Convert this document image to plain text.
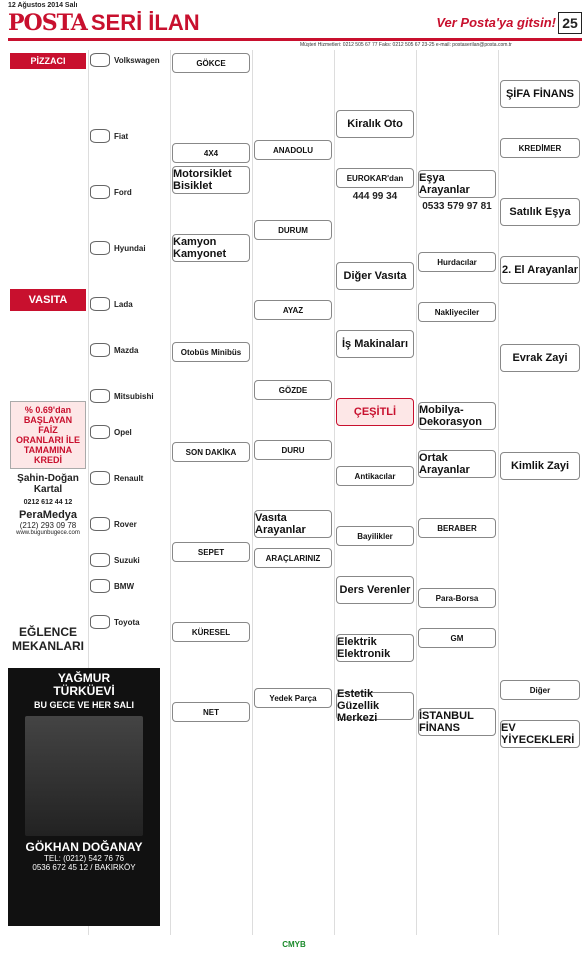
12 Ağustos 2014 Salı
POSTA SERİ İLAN	Ver Posta'ya gitsin! 25
Müşteri Hizmetleri: 0212 505 67 77 Faks: 0212 505 67 23-25 e-mail: postaserilan@posta.com.tr
PİZZACI
VASITA
% 0.69'dan BAŞLAYAN FAİZ ORANLARI İLE TAMAMINA KREDİ
Şahin-Doğan Kartal
0212 612 44 12
PeraMedya
(212) 293 09 78
www.bugunbugece.com
Volkswagen
Fiat
Ford
Hyundai
Lada
Mazda
Mitsubishi
Opel
Renault
Rover
Suzuki
BMW
Toyota
GÖKCE
4X4
Motorsiklet Bisiklet
Kamyon Kamyonet
Otobüs Minibüs
SON DAKİKA
SEPET
KÜRESEL
NET
ANADOLU
DURUM
AYAZ
GÖZDE
DURU
Vasıta Arayanlar
ARAÇLARINIZ
Yedek Parça
Kiralık Oto
EUROKAR'dan
444 99 34
Diğer Vasıta
İş Makinaları
ÇEŞİTLİ
Antikacılar
Bayilikler
Ders Verenler
Elektrik Elektronik
Estetik Güzellik Merkezi
Eşya Arayanlar
0533 579 97 81
Hurdacılar
Nakliyeciler
Mobilya-Dekorasyon
Ortak Arayanlar
BERABER
Para-Borsa
GM
İSTANBUL FİNANS
ŞİFA FİNANS
KREDİMER
Satılık Eşya
2. El Arayanlar
Evrak Zayi
Kimlik Zayi
Diğer
EV YİYECEKLERİ
EĞLENCE
MEKANLARI
YAĞMUR
TÜRKÜEVİ
BU GECE VE HER SALI
GÖKHAN DOĞANAY
TEL: (0212) 542 76 76
0536 672 45 12 / BAKIRKÖY
CMYB
